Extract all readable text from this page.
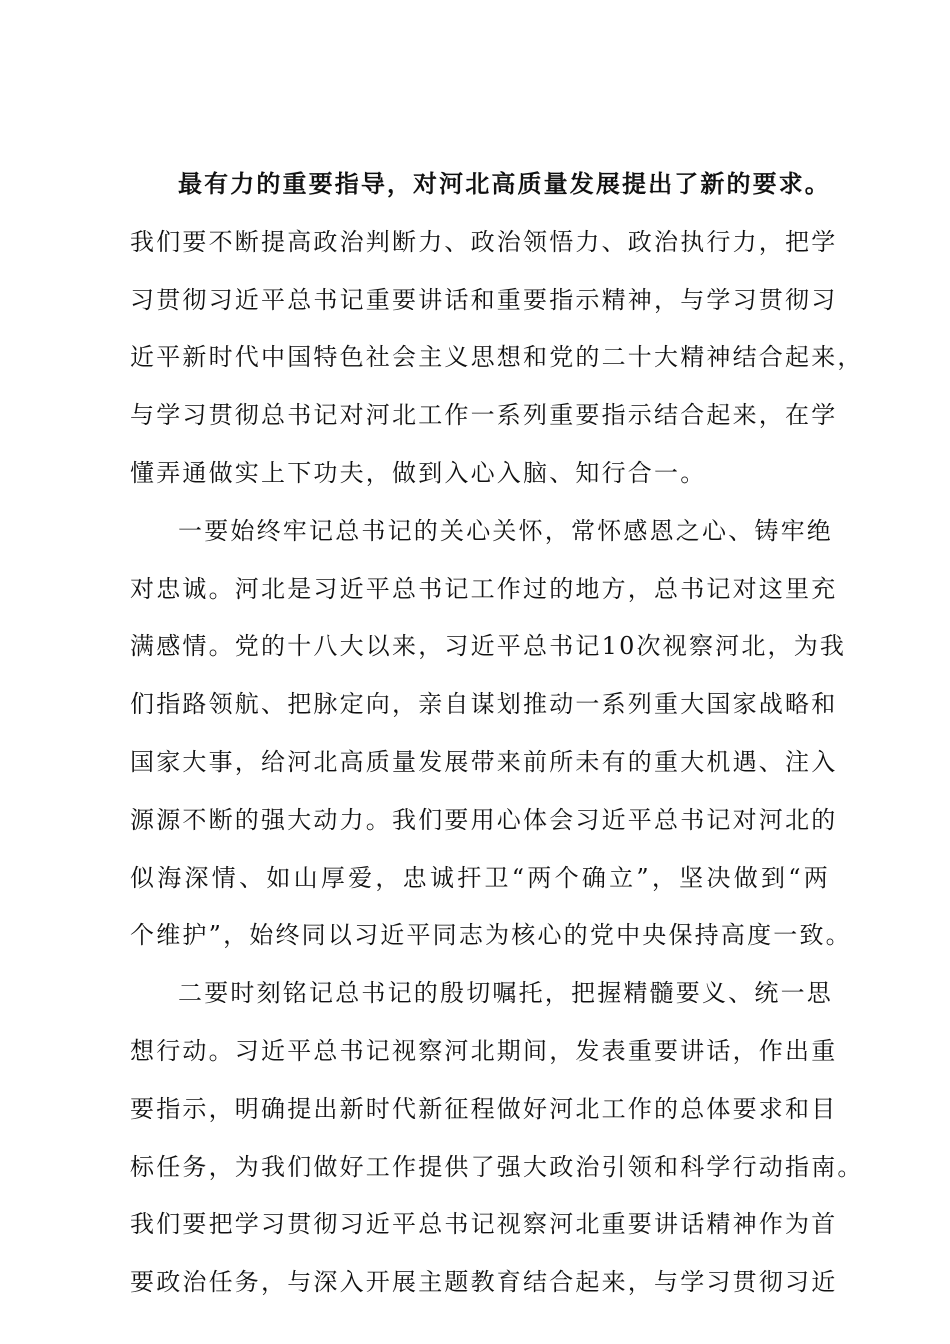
最有力的重要指导，对河北高质量发展提出了新的要求。
我们要不断提高政治判断力、政治领悟力、政治执行力，把学
习贯彻习近平总书记重要讲话和重要指示精神，与学习贯彻习
近平新时代中国特色社会主义思想和党的二十大精神结合起来，
与学习贯彻总书记对河北工作一系列重要指示结合起来，在学
懂弄通做实上下功夫，做到入心入脑、知行合一。
一要始终牢记总书记的关心关怀，常怀感恩之心、铸牢绝
对忠诚。河北是习近平总书记工作过的地方，总书记对这里充
满感情。党的十八大以来，习近平总书记10次视察河北，为我
们指路领航、把脉定向，亲自谋划推动一系列重大国家战略和
国家大事，给河北高质量发展带来前所未有的重大机遇、注入
源源不断的强大动力。我们要用心体会习近平总书记对河北的
似海深情、如山厚爱，忠诚扞卫“两个确立”，坚决做到“两
个维护”，始终同以习近平同志为核心的党中央保持高度一致。
二要时刻铭记总书记的殷切嘱托，把握精髓要义、统一思
想行动。习近平总书记视察河北期间，发表重要讲话，作出重
要指示，明确提出新时代新征程做好河北工作的总体要求和目
标任务，为我们做好工作提供了强大政治引领和科学行动指南。
我们要把学习贯彻习近平总书记视察河北重要讲话精神作为首
要政治任务，与深入开展主题教育结合起来，与学习贯彻习近
